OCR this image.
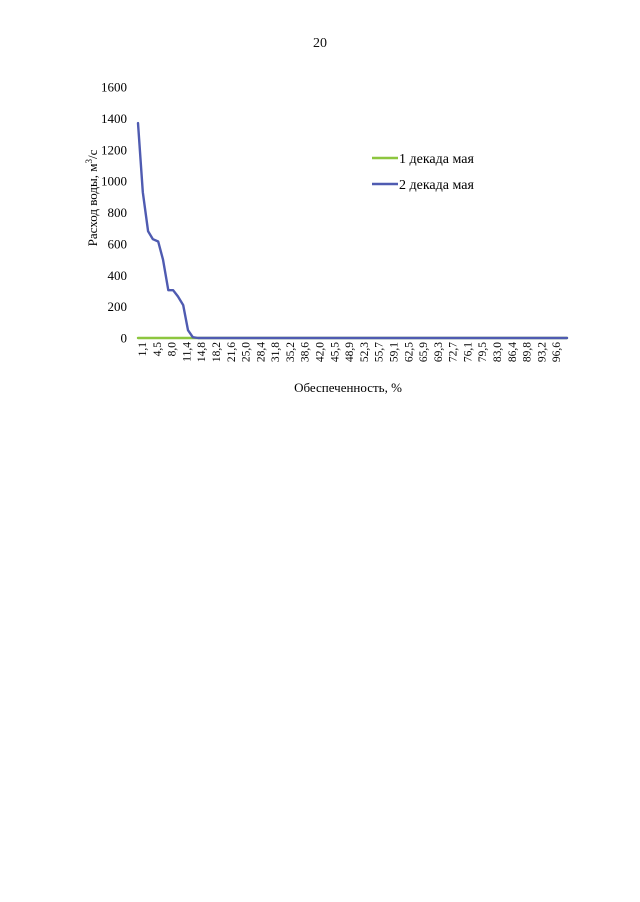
20
0
200
400
600
800
1000
1200
1400
1600
1,1 4,5 8,0 11,4 14,8 18,2 21,6 25,0 28,4 31,8 35,2 38,6 42,0 45,5 48,9 52,3 55,7 59,1 62,5 65,9 69,3 72,7 76,1 79,5 83,0 86,4 89,8 93,2 96,6
1 декада мая
2 декада мая
Обеспеченность, %
Расход воды, $м^3/с$
